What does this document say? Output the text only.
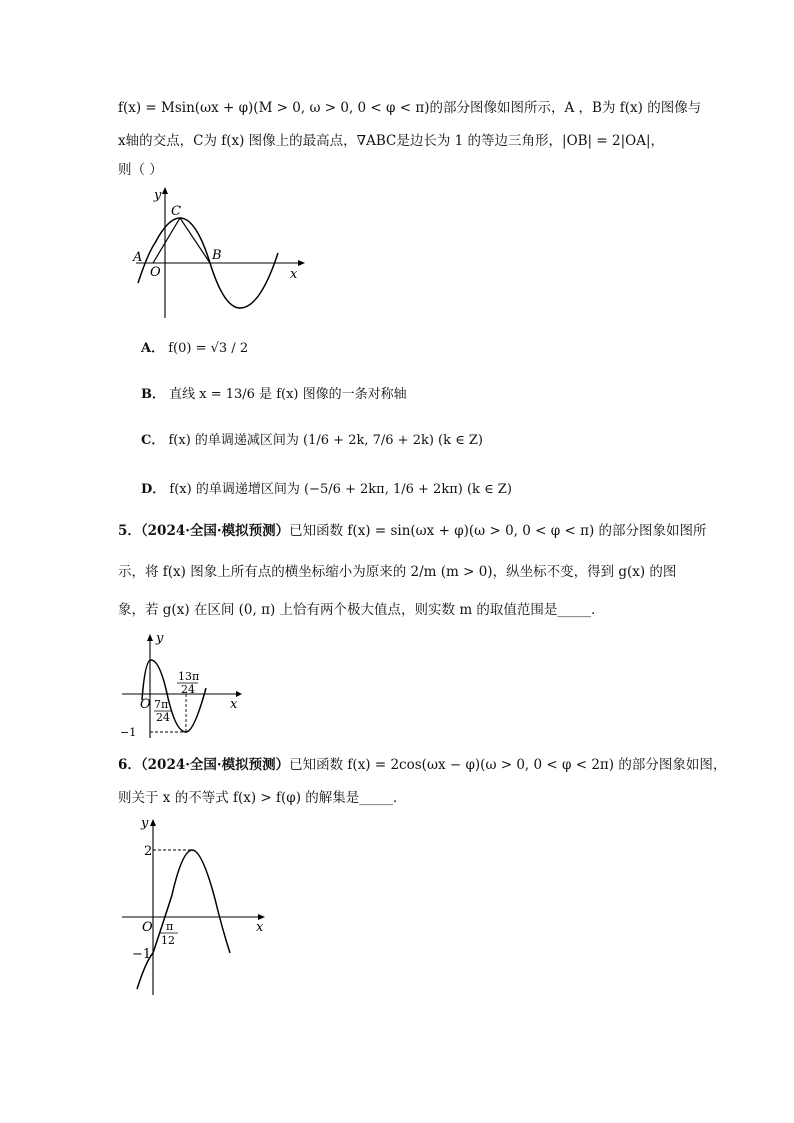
f(x) = Msin(ωx + φ)(M > 0, ω > 0, 0 < φ < π)的部分图像如图所示，A ，B为 f(x) 的图像与
x轴的交点，C为 f(x) 图像上的最高点，∇ABC是边长为 1 的等边三角形，|OB| = 2|OA|，
则（ ）
y
x
O
A	B
C
A． f(0) = √3 / 2
B． 直线 x = 13/6 是 f(x) 图像的一条对称轴
C． f(x) 的单调递减区间为 (1/6 + 2k, 7/6 + 2k) (k ∈ Z)
D． f(x) 的单调递增区间为 (−5/6 + 2kπ, 1/6 + 2kπ) (k ∈ Z)
5．（2024·全国·模拟预测）已知函数 f(x) = sin(ωx + φ)(ω > 0, 0 < φ < π) 的部分图象如图所
示，将 f(x) 图象上所有点的横坐标缩小为原来的 2/m (m > 0)，纵坐标不变，得到 g(x) 的图
象，若 g(x) 在区间 (0, π) 上恰有两个极大值点，则实数 m 的取值范围是_____．
y
x
O
−1
7π
24
13π
24
6．（2024·全国·模拟预测）已知函数 f(x) = 2cos(ωx − φ)(ω > 0, 0 < φ < 2π) 的部分图象如图，
则关于 x 的不等式 f(x) > f(φ) 的解集是_____．
y
x
O
2
−1
π
12
